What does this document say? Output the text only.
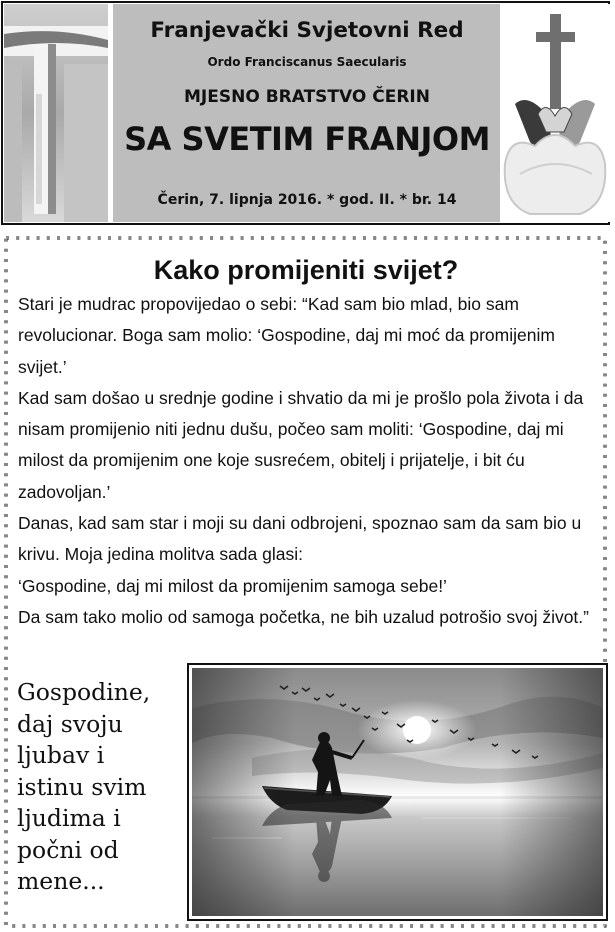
Franjevački Svjetovni Red
Ordo Franciscanus Saecularis
MJESNO BRATSTVO ČERIN
SA SVETIM FRANJOM
Čerin, 7. lipnja 2016. * god. II. * br. 14
Kako promijeniti svijet?

Stari je mudrac propovijedao o sebi: “Kad sam bio mlad, bio sam revolucionar. Boga sam molio: ‘Gospodine, daj mi moć da promijenim svijet.’

Kad sam došao u srednje godine i shvatio da mi je prošlo pola života i da nisam promijenio niti jednu dušu, počeo sam moliti: ‘Gospodine, daj mi milost da promijenim one koje susrećem, obitelj i prijatelje, i bit ću zadovoljan.’

Danas, kad sam star i moji su dani odbrojeni, spoznao sam da sam bio u krivu. Moja jedina molitva sada glasi:

‘Gospodine, daj mi milost da promijenim samoga sebe!’

Da sam tako molio od samoga početka, ne bih uzalud potrošio svoj život.”

Gospodine,
daj svoju
ljubav i
istinu svim
ljudima i
počni od
mene...
